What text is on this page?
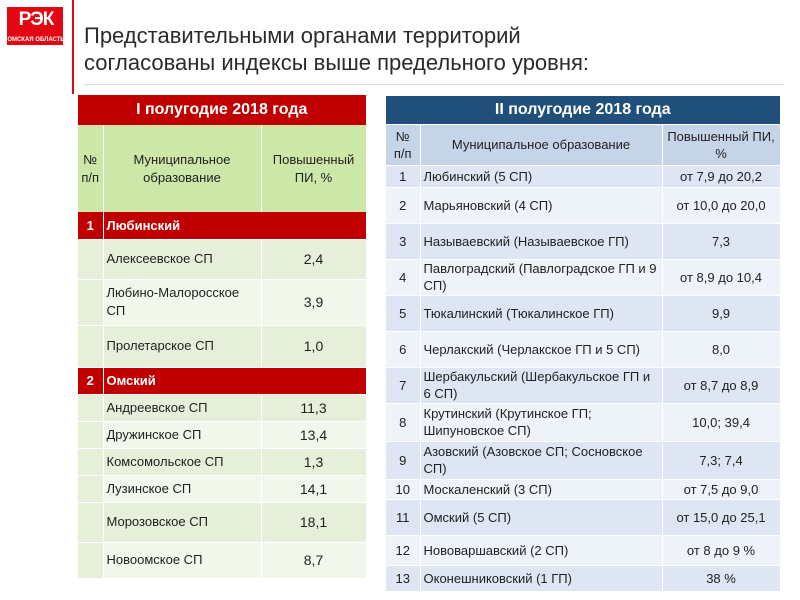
РЭК
ОМСКАЯ ОБЛАСТЬ Представительными органами территорий
согласованы индексы выше предельного уровня:
I полугодие 2018 года		
№ п/п	Муниципальное образование	Повышенный ПИ, %
1	Любинский	
	Алексеевское СП	2,4
	Любино-Малоросское СП	3,9
	Пролетарское СП	1,0
2	Омский	
	Андреевское СП	11,3
	Дружинское СП	13,4
	Комсомольское СП	1,3
	Лузинское СП	14,1
	Морозовское СП	18,1
	Новоомское СП	8,7
II полугодие 2018 года		
№ п/п	Муниципальное образование	Повышенный ПИ, %
1	Любинский (5 СП)	от 7,9 до 20,2
2	Марьяновский (4 СП)	от 10,0 до 20,0
3	Называевский (Называевское ГП)	7,3
4	Павлоградский (Павлоградское ГП и 9 СП)	от 8,9 до 10,4
5	Тюкалинский (Тюкалинское ГП)	9,9
6	Черлакский (Черлакское ГП и 5 СП)	8,0
7	Шербакульский (Шербакульское ГП и 6 СП)	от 8,7 до 8,9
8	Крутинский (Крутинское ГП; Шипуновское СП)	10,0; 39,4
9	Азовский (Азовское СП; Сосновское СП)	7,3; 7,4
10	Москаленский (3 СП)	от 7,5 до 9,0
11	Омский (5 СП)	от 15,0 до 25,1
12	Нововаршавский (2 СП)	от 8 до 9 %
13	Оконешниковский (1 ГП)	38 %
